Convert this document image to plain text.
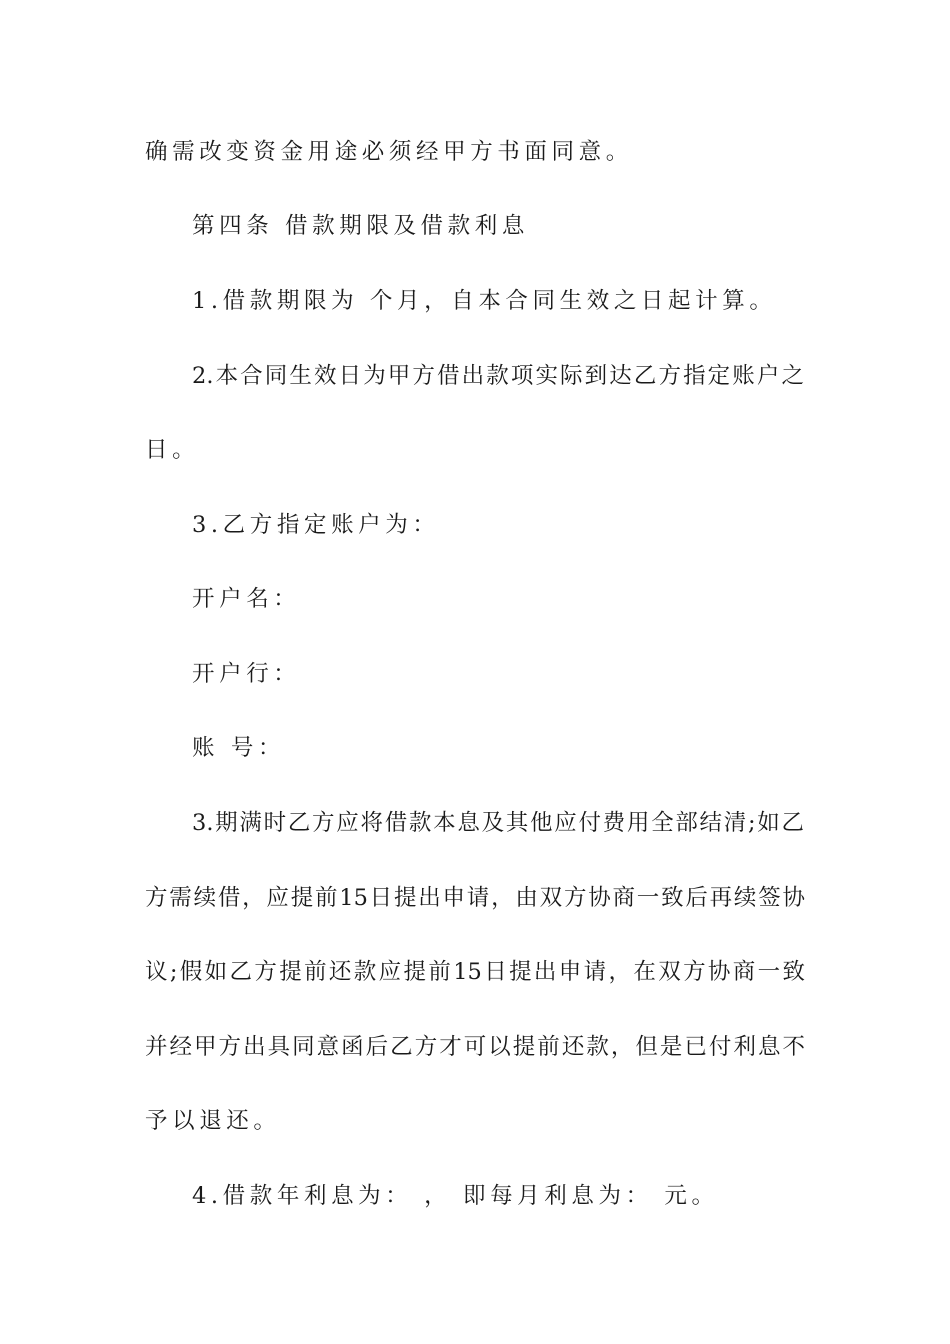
确需改变资金用途必须经甲方书面同意。

第四条 借款期限及借款利息

1.借款期限为 个月，自本合同生效之日起计算。

2.本合同生效日为甲方借出款项实际到达乙方指定账户之

日。

3.乙方指定账户为：

开户名：

开户行：

账 号：

3.期满时乙方应将借款本息及其他应付费用全部结清;如乙

方需续借，应提前15日提出申请，由双方协商一致后再续签协

议;假如乙方提前还款应提前15日提出申请，在双方协商一致

并经甲方出具同意函后乙方才可以提前还款，但是已付利息不

予以退还。

4.借款年利息为： ， 即每月利息为： 元。
